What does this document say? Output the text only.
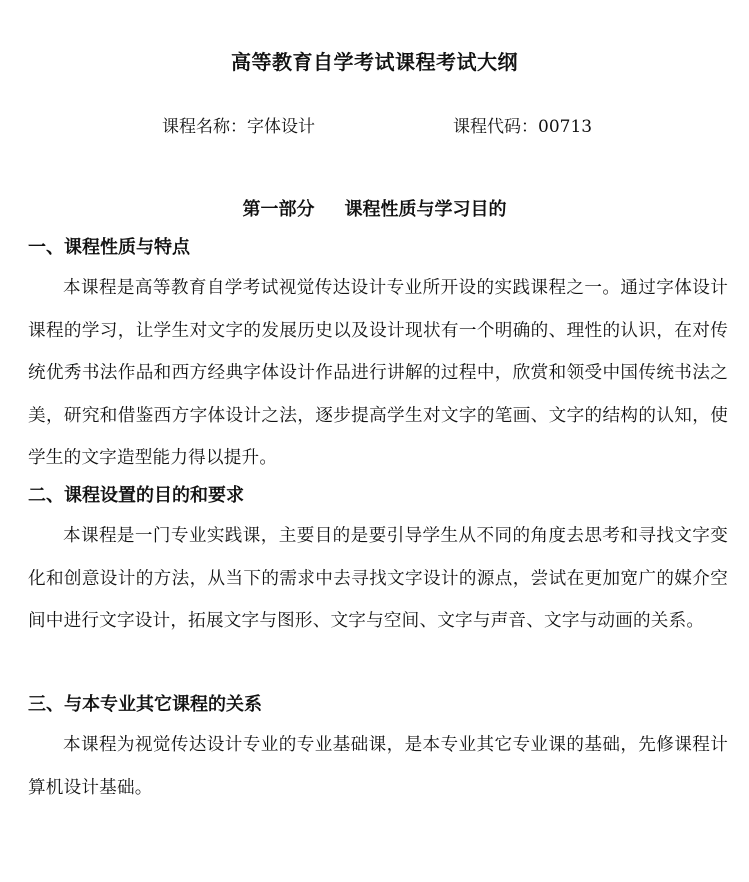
高等教育自学考试课程考试大纲
课程名称：字体设计	课程代码：00713
第一部分 课程性质与学习目的

一、课程性质与特点

本课程是高等教育自学考试视觉传达设计专业所开设的实践课程之一。通过字体设计课程的学习，让学生对文字的发展历史以及设计现状有一个明确的、理性的认识，在对传统优秀书法作品和西方经典字体设计作品进行讲解的过程中，欣赏和领受中国传统书法之美，研究和借鉴西方字体设计之法，逐步提高学生对文字的笔画、文字的结构的认知，使学生的文字造型能力得以提升。

二、课程设置的目的和要求

本课程是一门专业实践课，主要目的是要引导学生从不同的角度去思考和寻找文字变化和创意设计的方法，从当下的需求中去寻找文字设计的源点，尝试在更加宽广的媒介空间中进行文字设计，拓展文字与图形、文字与空间、文字与声音、文字与动画的关系。

三、与本专业其它课程的关系

本课程为视觉传达设计专业的专业基础课，是本专业其它专业课的基础，先修课程计算机设计基础。
